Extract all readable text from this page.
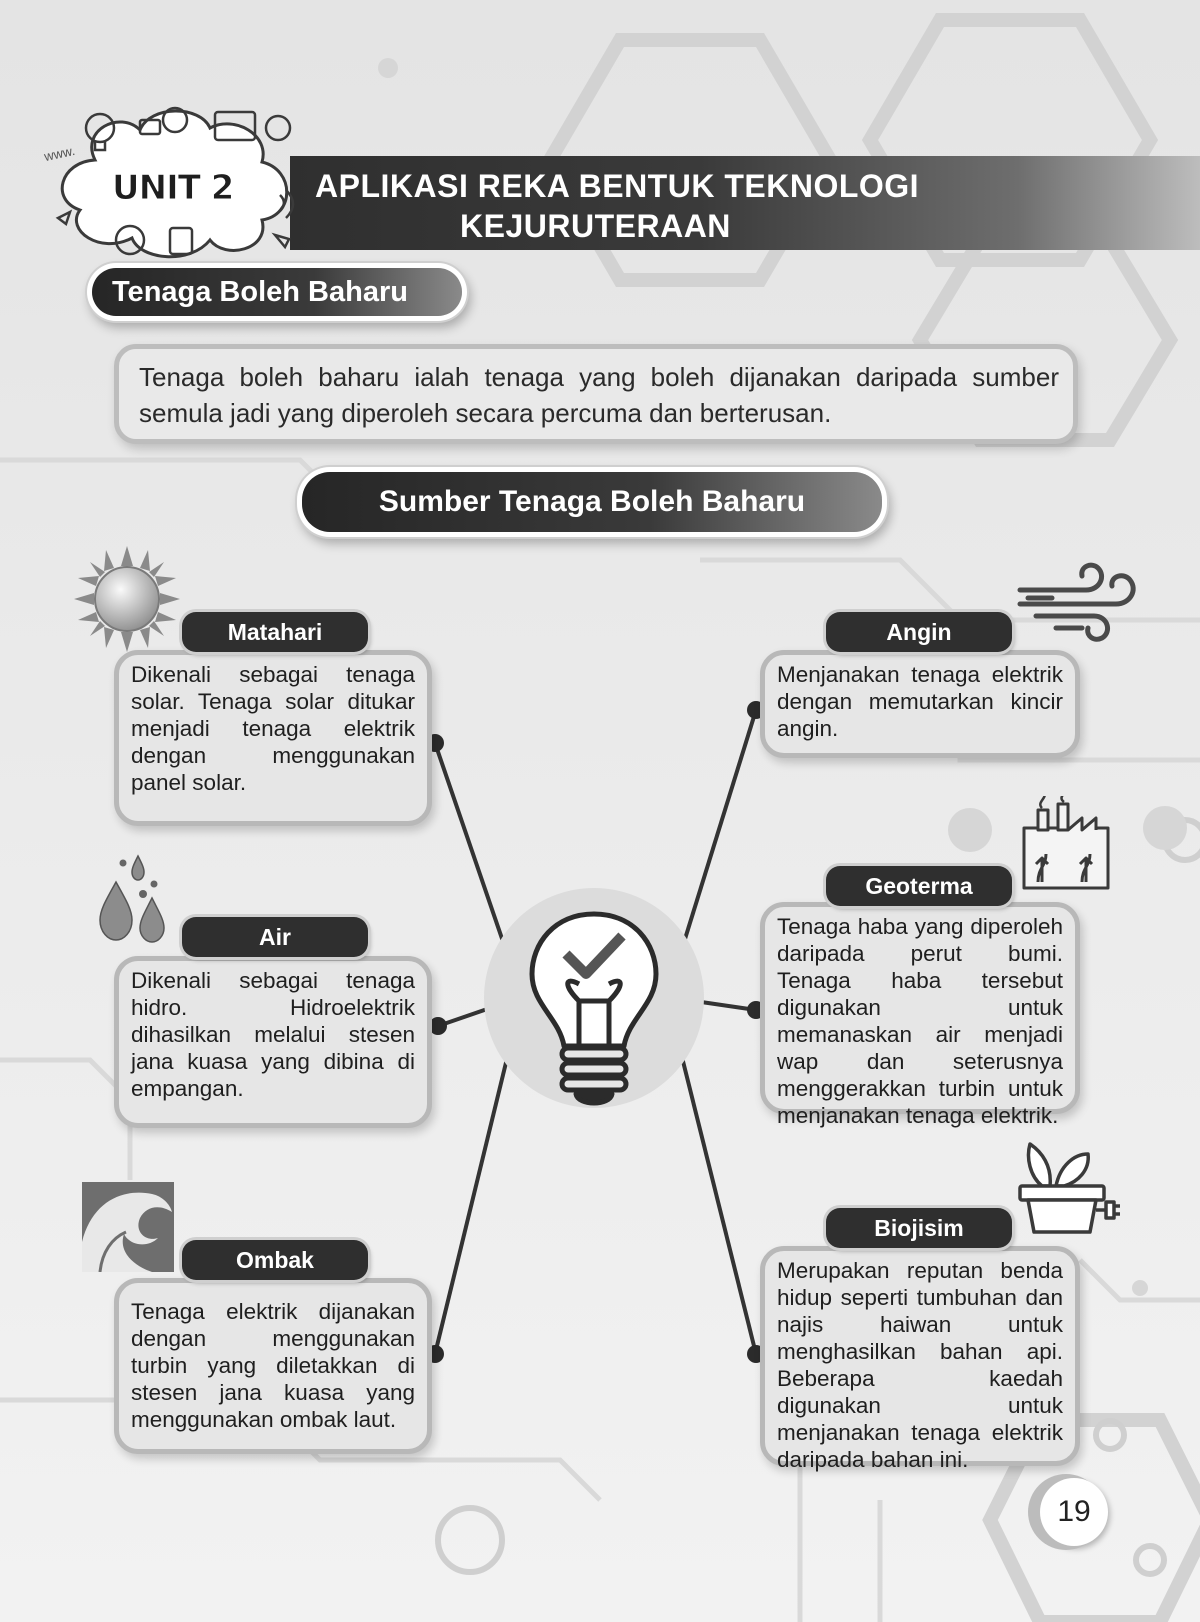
www.
UNIT 2	APLIKASI REKA BENTUK TEKNOLOGI
KEJURUTERAAN
Tenaga Boleh Baharu
Tenaga boleh baharu ialah tenaga yang boleh dijanakan daripada sumber semula jadi yang diperoleh secara percuma dan berterusan.
Sumber Tenaga Boleh Baharu
Dikenali sebagai tenaga solar. Tenaga solar ditukar menjadi tenaga elektrik dengan menggunakan panel solar.
Matahari
Dikenali sebagai tenaga hidro. Hidroelektrik dihasilkan melalui stesen jana kuasa yang dibina di empangan.
Air
Tenaga elektrik dijanakan dengan menggunakan turbin yang diletakkan di stesen jana kuasa yang menggunakan ombak laut.
Ombak
Menjanakan tenaga elektrik dengan memutarkan kincir angin.
Angin
Tenaga haba yang diperoleh daripada perut bumi. Tenaga haba tersebut digunakan untuk memanaskan air menjadi wap dan seterusnya menggerakkan turbin untuk menjanakan tenaga elektrik.
Geoterma
Merupakan reputan benda hidup seperti tumbuhan dan najis haiwan untuk menghasilkan bahan api. Beberapa kaedah digunakan untuk menjanakan tenaga elektrik daripada bahan ini.
Biojisim
19
